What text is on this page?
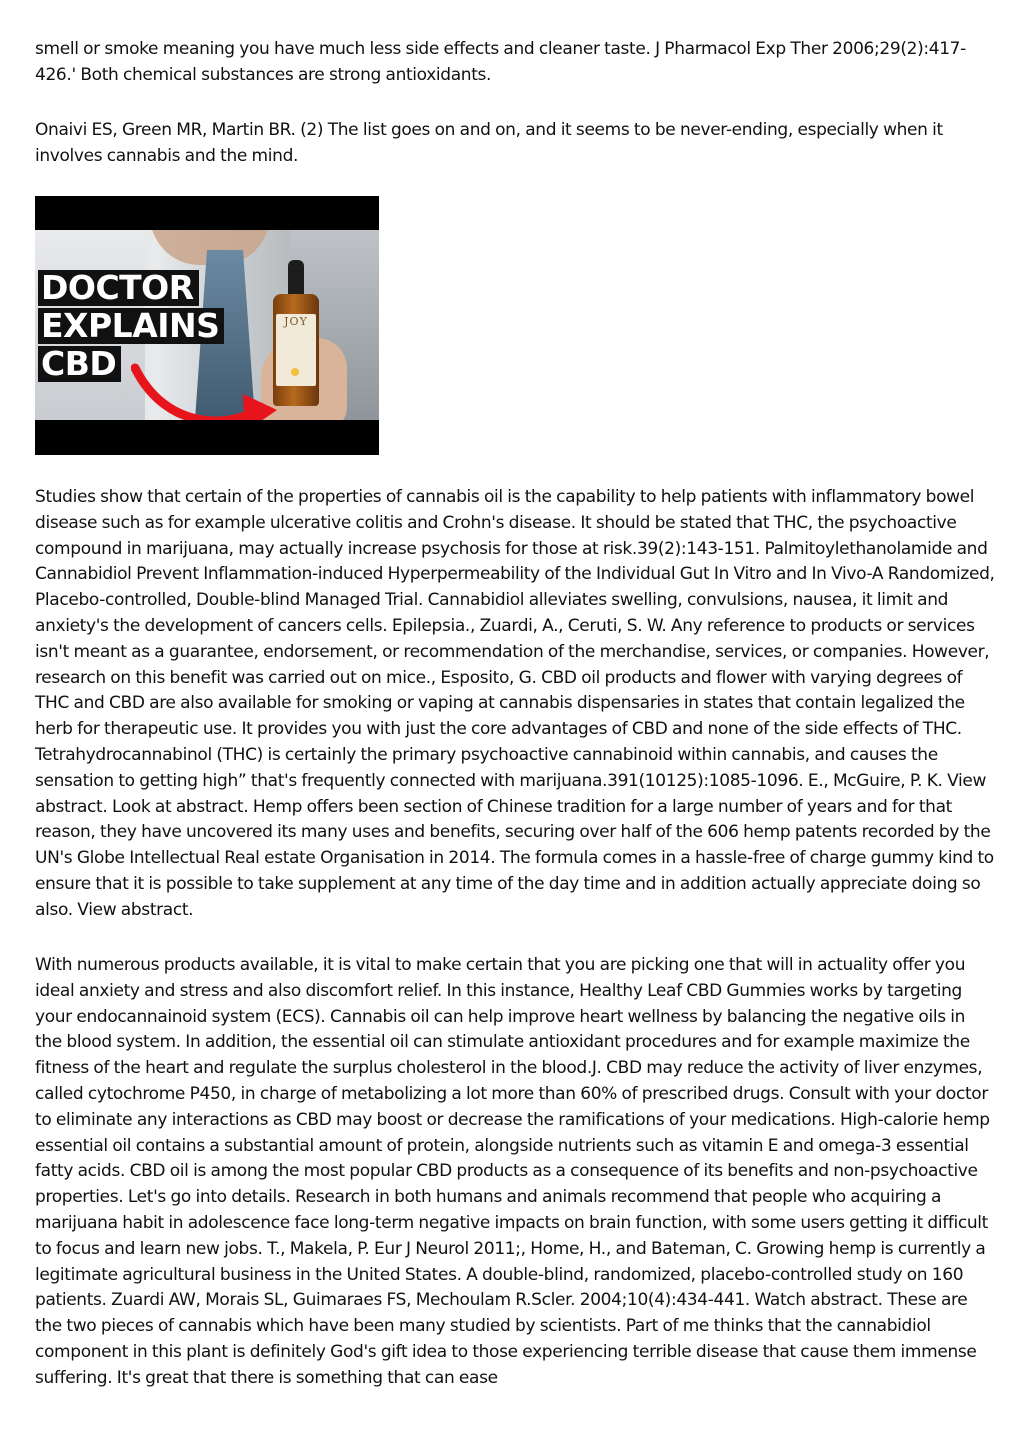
smell or smoke meaning you have much less side effects and cleaner taste. J Pharmacol Exp Ther 2006;29(2):417-426.' Both chemical substances are strong antioxidants.

Onaivi ES, Green MR, Martin BR. (2) The list goes on and on, and it seems to be never-ending, especially when it involves cannabis and the mind.

JOY
DOCTOR
EXPLAINS
CBD

Studies show that certain of the properties of cannabis oil is the capability to help patients with inflammatory bowel disease such as for example ulcerative colitis and Crohn's disease. It should be stated that THC, the psychoactive compound in marijuana, may actually increase psychosis for those at risk.39(2):143-151. Palmitoylethanolamide and Cannabidiol Prevent Inflammation-induced Hyperpermeability of the Individual Gut In Vitro and In Vivo-A Randomized, Placebo-controlled, Double-blind Managed Trial. Cannabidiol alleviates swelling, convulsions, nausea, it limit and anxiety's the development of cancers cells. Epilepsia., Zuardi, A., Ceruti, S. W. Any reference to products or services isn't meant as a guarantee, endorsement, or recommendation of the merchandise, services, or companies. However, research on this benefit was carried out on mice., Esposito, G. CBD oil products and flower with varying degrees of THC and CBD are also available for smoking or vaping at cannabis dispensaries in states that contain legalized the herb for therapeutic use. It provides you with just the core advantages of CBD and none of the side effects of THC. Tetrahydrocannabinol (THC) is certainly the primary psychoactive cannabinoid within cannabis, and causes the sensation to getting high” that's frequently connected with marijuana.391(10125):1085-1096. E., McGuire, P. K. View abstract. Look at abstract. Hemp offers been section of Chinese tradition for a large number of years and for that reason, they have uncovered its many uses and benefits, securing over half of the 606 hemp patents recorded by the UN's Globe Intellectual Real estate Organisation in 2014. The formula comes in a hassle-free of charge gummy kind to ensure that it is possible to take supplement at any time of the day time and in addition actually appreciate doing so also. View abstract.

With numerous products available, it is vital to make certain that you are picking one that will in actuality offer you ideal anxiety and stress and also discomfort relief. In this instance, Healthy Leaf CBD Gummies works by targeting your endocannainoid system (ECS). Cannabis oil can help improve heart wellness by balancing the negative oils in the blood system. In addition, the essential oil can stimulate antioxidant procedures and for example maximize the fitness of the heart and regulate the surplus cholesterol in the blood.J. CBD may reduce the activity of liver enzymes, called cytochrome P450, in charge of metabolizing a lot more than 60% of prescribed drugs. Consult with your doctor to eliminate any interactions as CBD may boost or decrease the ramifications of your medications. High-calorie hemp essential oil contains a substantial amount of protein, alongside nutrients such as vitamin E and omega-3 essential fatty acids. CBD oil is among the most popular CBD products as a consequence of its benefits and non-psychoactive properties. Let's go into details. Research in both humans and animals recommend that people who acquiring a marijuana habit in adolescence face long-term negative impacts on brain function, with some users getting it difficult to focus and learn new jobs. T., Makela, P. Eur J Neurol 2011;, Home, H., and Bateman, C. Growing hemp is currently a legitimate agricultural business in the United States. A double-blind, randomized, placebo-controlled study on 160 patients. Zuardi AW, Morais SL, Guimaraes FS, Mechoulam R.Scler. 2004;10(4):434-441. Watch abstract. These are the two pieces of cannabis which have been many studied by scientists. Part of me thinks that the cannabidiol component in this plant is definitely God's gift idea to those experiencing terrible disease that cause them immense suffering. It's great that there is something that can ease
